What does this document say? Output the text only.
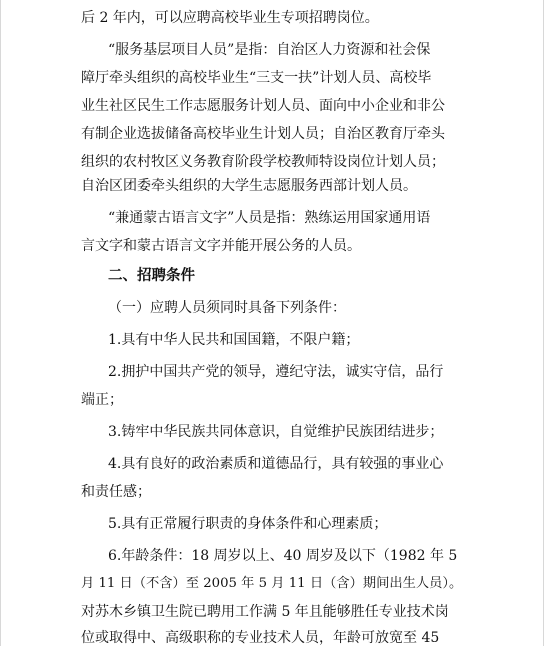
后 2 年内，可以应聘高校毕业生专项招聘岗位。
“服务基层项目人员”是指：自治区人力资源和社会保
障厅牵头组织的高校毕业生“三支一扶”计划人员、高校毕
业生社区民生工作志愿服务计划人员、面向中小企业和非公
有制企业选拔储备高校毕业生计划人员；自治区教育厅牵头
组织的农村牧区义务教育阶段学校教师特设岗位计划人员；
自治区团委牵头组织的大学生志愿服务西部计划人员。
“兼通蒙古语言文字”人员是指：熟练运用国家通用语
言文字和蒙古语言文字并能开展公务的人员。
二、招聘条件
（一）应聘人员须同时具备下列条件：
1.具有中华人民共和国国籍，不限户籍；
2.拥护中国共产党的领导，遵纪守法，诚实守信，品行
端正；
3.铸牢中华民族共同体意识，自觉维护民族团结进步；
4.具有良好的政治素质和道德品行，具有较强的事业心
和责任感；
5.具有正常履行职责的身体条件和心理素质；
6.年龄条件：18 周岁以上、40 周岁及以下（1982 年 5
月 11 日（不含）至 2005 年 5 月 11 日（含）期间出生人员）。
对苏木乡镇卫生院已聘用工作满 5 年且能够胜任专业技术岗
位或取得中、高级职称的专业技术人员，年龄可放宽至 45
